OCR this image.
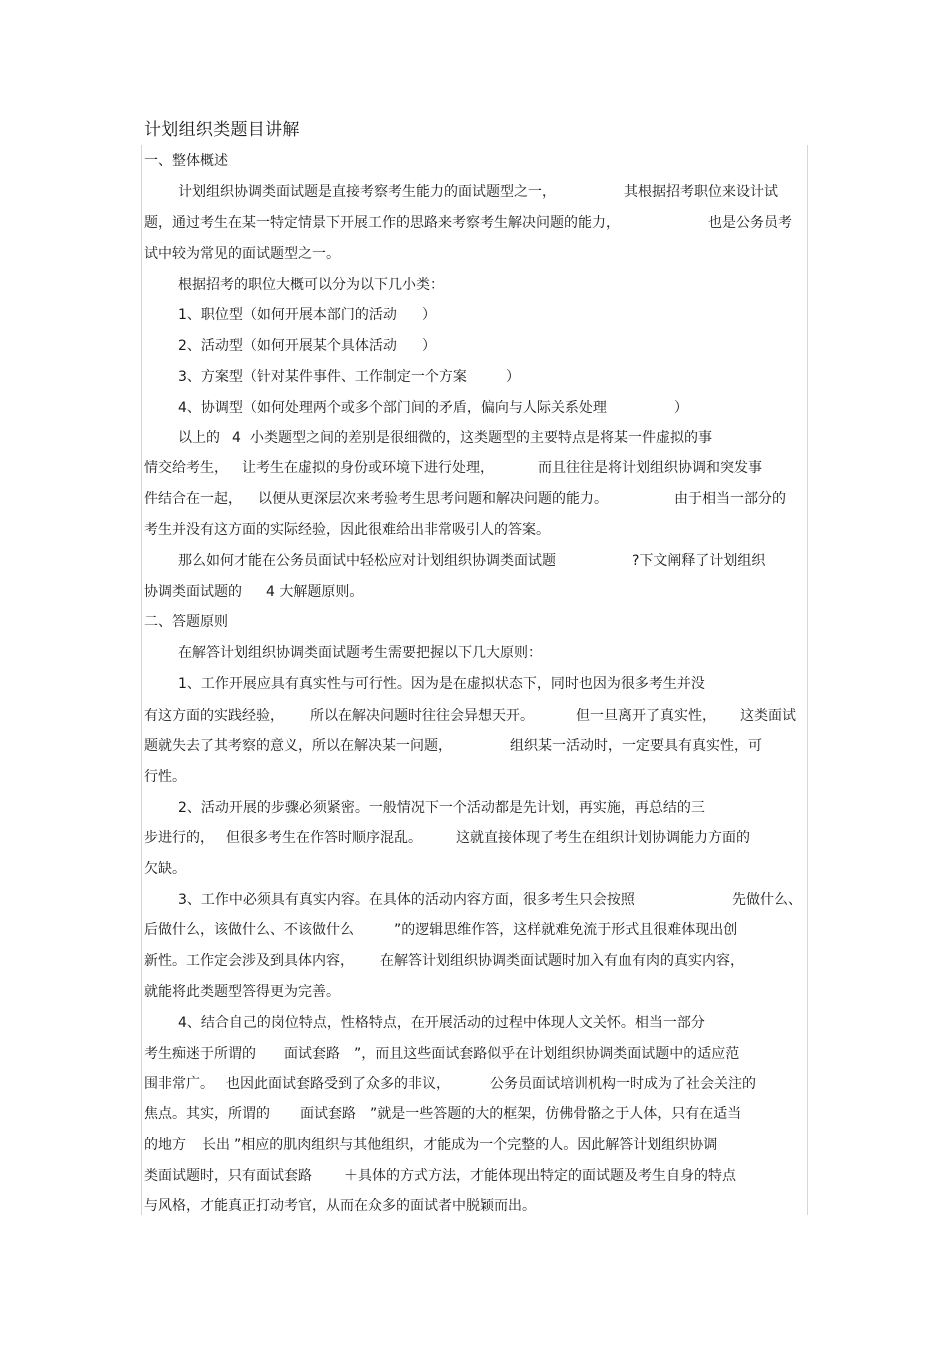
计划组织类题目讲解
一、整体概述
计划组织协调类面试题是直接考察考生能力的面试题型之一，	其根据招考职位来设计试
题，通过考生在某一特定情景下开展工作的思路来考察考生解决问题的能力，	也是公务员考
试中较为常见的面试题型之一。
根据招考的职位大概可以分为以下几小类：
1、职位型（如何开展本部门的活动 ）
2、活动型（如何开展某个具体活动 ）
3、方案型（针对某件事件、工作制定一个方案	）
4、协调型（如何处理两个或多个部门间的矛盾，偏向与人际关系处理	）
以上的 4 小类题型之间的差别是很细微的，这类题型的主要特点是将某一件虚拟的事
情交给考生， 让考生在虚拟的身份或环境下进行处理，	而且往往是将计划组织协调和突发事
件结合在一起， 以便从更深层次来考验考生思考问题和解决问题的能力。	由于相当一部分的
考生并没有这方面的实际经验，因此很难给出非常吸引人的答案。
那么如何才能在公务员面试中轻松应对计划组织协调类面试题	?下文阐释了计划组织
协调类面试题的 4 大解题原则。
二、答题原则
在解答计划组织协调类面试题考生需要把握以下几大原则：
1、工作开展应具有真实性与可行性。因为是在虚拟状态下，同时也因为很多考生并没
有这方面的实践经验， 所以在解决问题时往往会异想天开。	但一旦离开了真实性， 这类面试
题就失去了其考察的意义，所以在解决某一问题，	组织某一活动时，一定要具有真实性，可
行性。
2、活动开展的步骤必须紧密。一般情况下一个活动都是先计划，再实施，再总结的三
步进行的， 但很多考生在作答时顺序混乱。 这就直接体现了考生在组织计划协调能力方面的
欠缺。
3、工作中必须具有真实内容。在具体的活动内容方面，很多考生只会按照	先做什么、
后做什么，该做什么、不该做什么	”的逻辑思维作答，这样就难免流于形式且很难体现出创
新性。工作定会涉及到具体内容， 在解答计划组织协调类面试题时加入有血有肉的真实内容，
就能将此类题型答得更为完善。
4、结合自己的岗位特点，性格特点，在开展活动的过程中体现人文关怀。相当一部分
考生痴迷于所谓的 面试套路 ”，而且这些面试套路似乎在计划组织协调类面试题中的适应范
围非常广。 也因此面试套路受到了众多的非议，	公务员面试培训机构一时成为了社会关注的
焦点。其实，所谓的 面试套路 ”就是一些答题的大的框架，仿佛骨骼之于人体，只有在适当
的地方 长出 ”相应的肌肉组织与其他组织，才能成为一个完整的人。因此解答计划组织协调
类面试题时，只有面试套路 ＋具体的方式方法，才能体现出特定的面试题及考生自身的特点
与风格，才能真正打动考官，从而在众多的面试者中脱颖而出。
